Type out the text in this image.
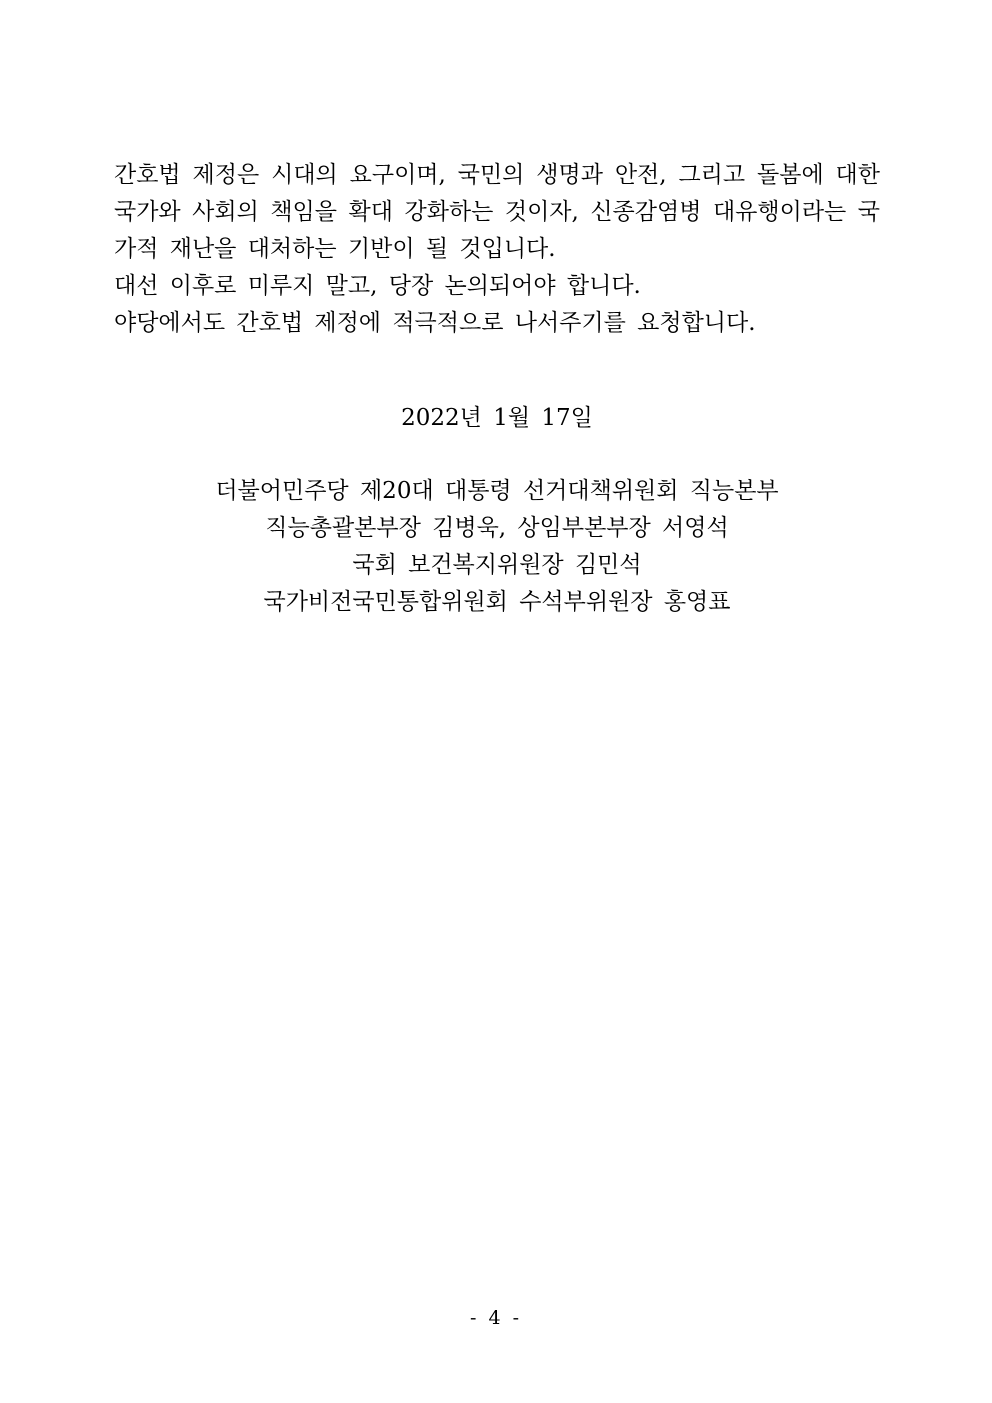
간호법 제정은 시대의 요구이며, 국민의 생명과 안전, 그리고 돌봄에 대한 국가와 사회의 책임을 확대 강화하는 것이자, 신종감염병 대유행이라는 국가적 재난을 대처하는 기반이 될 것입니다.

대선 이후로 미루지 말고, 당장 논의되어야 합니다.

야당에서도 간호법 제정에 적극적으로 나서주기를 요청합니다.

2022년 1월 17일

더불어민주당 제20대 대통령 선거대책위원회 직능본부

직능총괄본부장 김병욱, 상임부본부장 서영석

국회 보건복지위원장 김민석

국가비전국민통합위원회 수석부위원장 홍영표

- 4 -
